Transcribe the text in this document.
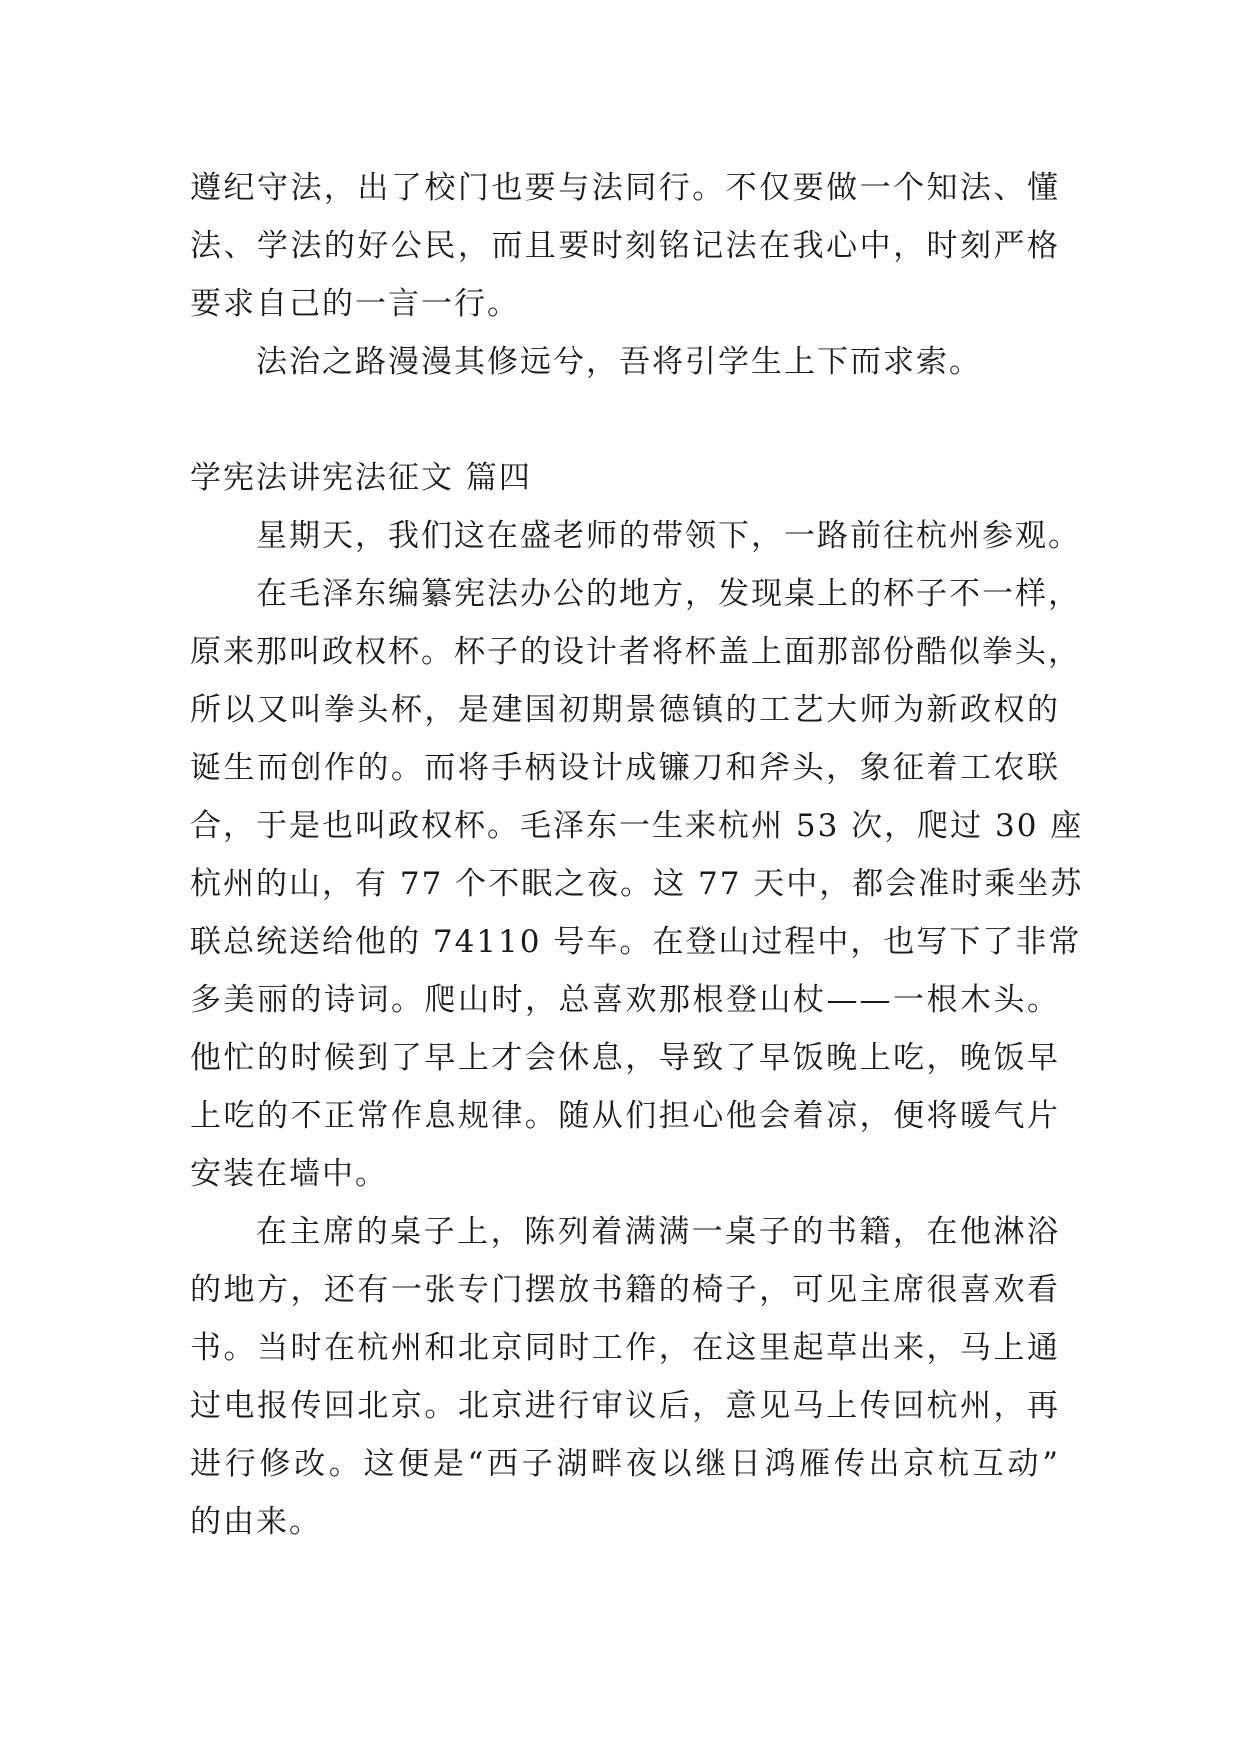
遵纪守法，出了校门也要与法同行。不仅要做一个知法、懂
法、学法的好公民，而且要时刻铭记法在我心中，时刻严格
要求自己的一言一行。
法治之路漫漫其修远兮，吾将引学生上下而求索。
学宪法讲宪法征文 篇四
星期天，我们这在盛老师的带领下，一路前往杭州参观。
在毛泽东编纂宪法办公的地方，发现桌上的杯子不一样，
原来那叫政权杯。杯子的设计者将杯盖上面那部份酷似拳头，
所以又叫拳头杯，是建国初期景德镇的工艺大师为新政权的
诞生而创作的。而将手柄设计成镰刀和斧头，象征着工农联
合，于是也叫政权杯。毛泽东一生来杭州 53 次，爬过 30 座
杭州的山，有 77 个不眠之夜。这 77 天中，都会准时乘坐苏
联总统送给他的 74110 号车。在登山过程中，也写下了非常
多美丽的诗词。爬山时，总喜欢那根登山杖——一根木头。
他忙的时候到了早上才会休息，导致了早饭晚上吃，晚饭早
上吃的不正常作息规律。随从们担心他会着凉，便将暖气片
安装在墙中。
在主席的桌子上，陈列着满满一桌子的书籍，在他淋浴
的地方，还有一张专门摆放书籍的椅子，可见主席很喜欢看
书。当时在杭州和北京同时工作，在这里起草出来，马上通
过电报传回北京。北京进行审议后，意见马上传回杭州，再
进行修改。这便是“西子湖畔夜以继日鸿雁传出京杭互动”
的由来。
